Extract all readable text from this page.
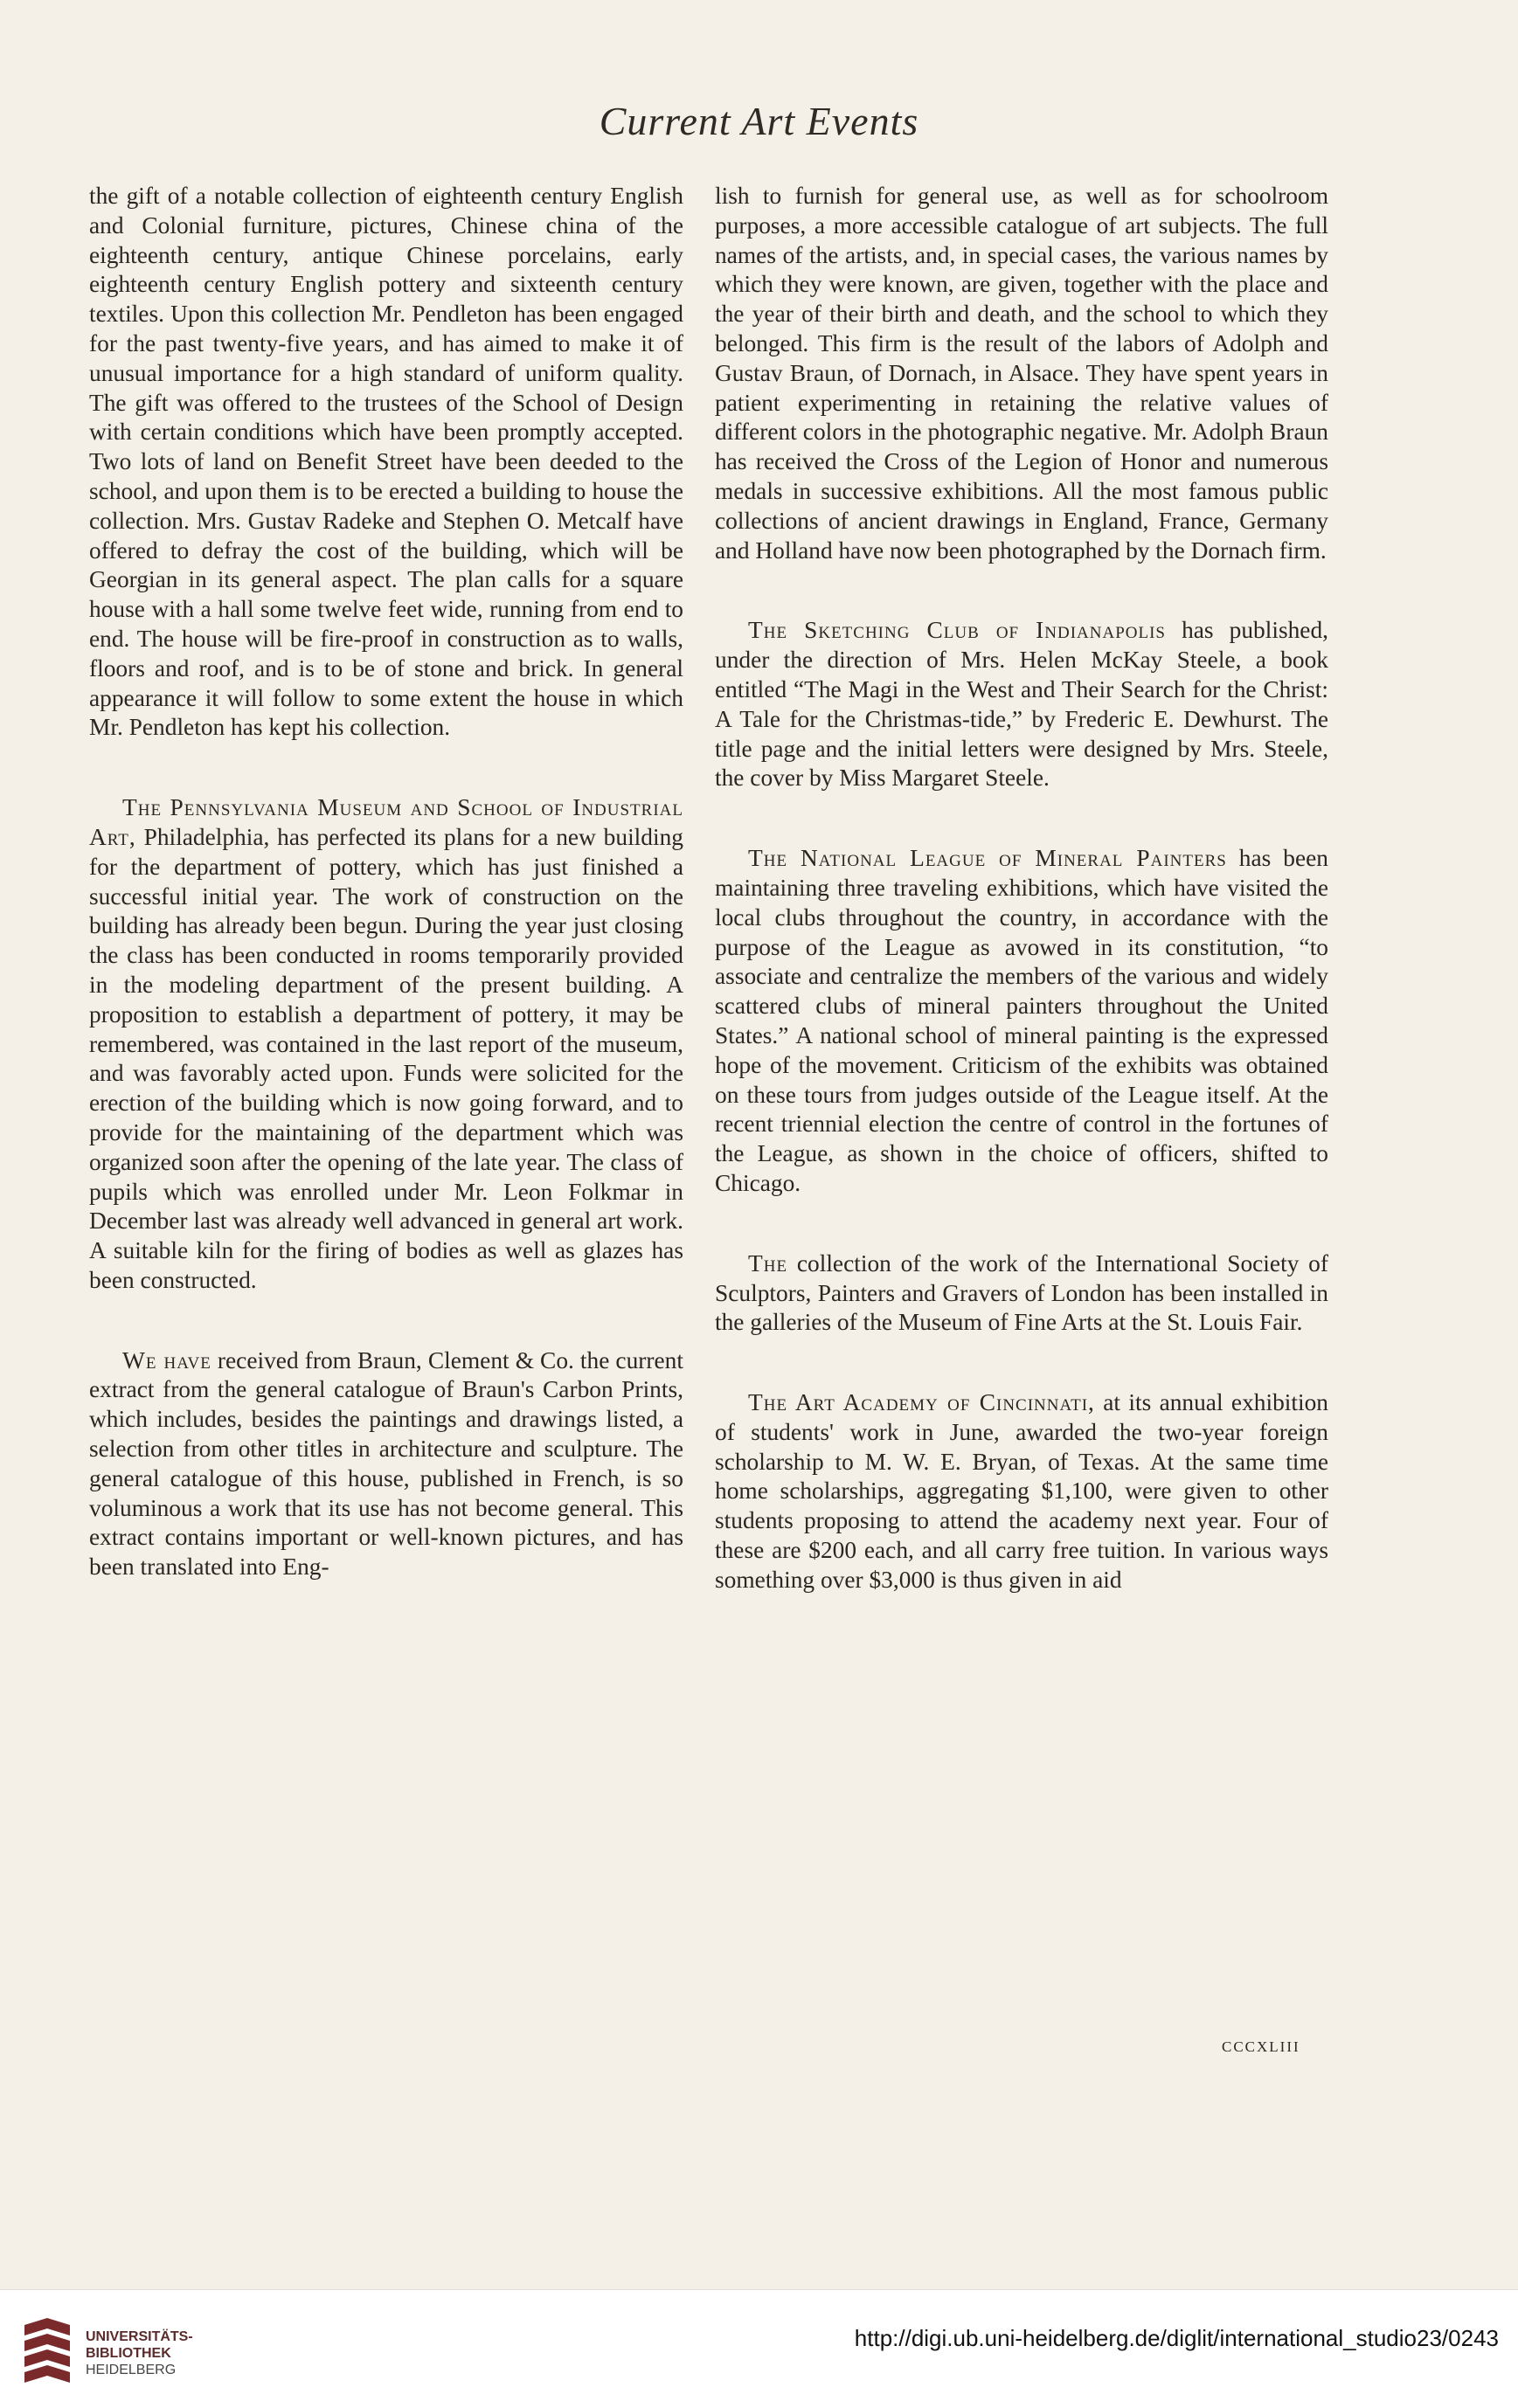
Current Art Events

the gift of a notable collection of eighteenth century English and Colonial furniture, pictures, Chinese china of the eighteenth century, antique Chinese porcelains, early eighteenth century English pottery and sixteenth century textiles. Upon this collection Mr. Pendleton has been engaged for the past twenty-five years, and has aimed to make it of unusual importance for a high standard of uniform quality. The gift was offered to the trustees of the School of Design with certain conditions which have been promptly accepted. Two lots of land on Benefit Street have been deeded to the school, and upon them is to be erected a building to house the collection. Mrs. Gustav Radeke and Stephen O. Metcalf have offered to defray the cost of the building, which will be Georgian in its general aspect. The plan calls for a square house with a hall some twelve feet wide, running from end to end. The house will be fire-proof in construction as to walls, floors and roof, and is to be of stone and brick. In general appearance it will follow to some extent the house in which Mr. Pendleton has kept his collection.

The Pennsylvania Museum and School of Industrial Art, Philadelphia, has perfected its plans for a new building for the department of pottery, which has just finished a successful initial year. The work of construction on the building has already been begun. During the year just closing the class has been conducted in rooms temporarily provided in the modeling department of the present building. A proposition to establish a department of pottery, it may be remembered, was contained in the last report of the museum, and was favorably acted upon. Funds were solicited for the erection of the building which is now going forward, and to provide for the maintaining of the department which was organized soon after the opening of the late year. The class of pupils which was enrolled under Mr. Leon Folkmar in December last was already well advanced in general art work. A suitable kiln for the firing of bodies as well as glazes has been constructed.

We have received from Braun, Clement & Co. the current extract from the general catalogue of Braun's Carbon Prints, which includes, besides the paintings and drawings listed, a selection from other titles in architecture and sculpture. The general catalogue of this house, published in French, is so voluminous a work that its use has not become general. This extract contains important or well-known pictures, and has been translated into Eng-

lish to furnish for general use, as well as for schoolroom purposes, a more accessible catalogue of art subjects. The full names of the artists, and, in special cases, the various names by which they were known, are given, together with the place and the year of their birth and death, and the school to which they belonged. This firm is the result of the labors of Adolph and Gustav Braun, of Dornach, in Alsace. They have spent years in patient experimenting in retaining the relative values of different colors in the photographic negative. Mr. Adolph Braun has received the Cross of the Legion of Honor and numerous medals in successive exhibitions. All the most famous public collections of ancient drawings in England, France, Germany and Holland have now been photographed by the Dornach firm.

The Sketching Club of Indianapolis has published, under the direction of Mrs. Helen McKay Steele, a book entitled “The Magi in the West and Their Search for the Christ: A Tale for the Christmas-tide,” by Frederic E. Dewhurst. The title page and the initial letters were designed by Mrs. Steele, the cover by Miss Margaret Steele.

The National League of Mineral Painters has been maintaining three traveling exhibitions, which have visited the local clubs throughout the country, in accordance with the purpose of the League as avowed in its constitution, “to associate and centralize the members of the various and widely scattered clubs of mineral painters throughout the United States.” A national school of mineral painting is the expressed hope of the movement. Criticism of the exhibits was obtained on these tours from judges outside of the League itself. At the recent triennial election the centre of control in the fortunes of the League, as shown in the choice of officers, shifted to Chicago.

The collection of the work of the International Society of Sculptors, Painters and Gravers of London has been installed in the galleries of the Museum of Fine Arts at the St. Louis Fair.

The Art Academy of Cincinnati, at its annual exhibition of students' work in June, awarded the two-year foreign scholarship to M. W. E. Bryan, of Texas. At the same time home scholarships, aggregating $1,100, were given to other students proposing to attend the academy next year. Four of these are $200 each, and all carry free tuition. In various ways something over $3,000 is thus given in aid

cccxliii
UNIVERSITÄTS-
BIBLIOTHEK
HEIDELBERG
http://digi.ub.uni-heidelberg.de/diglit/international_studio23/0243
